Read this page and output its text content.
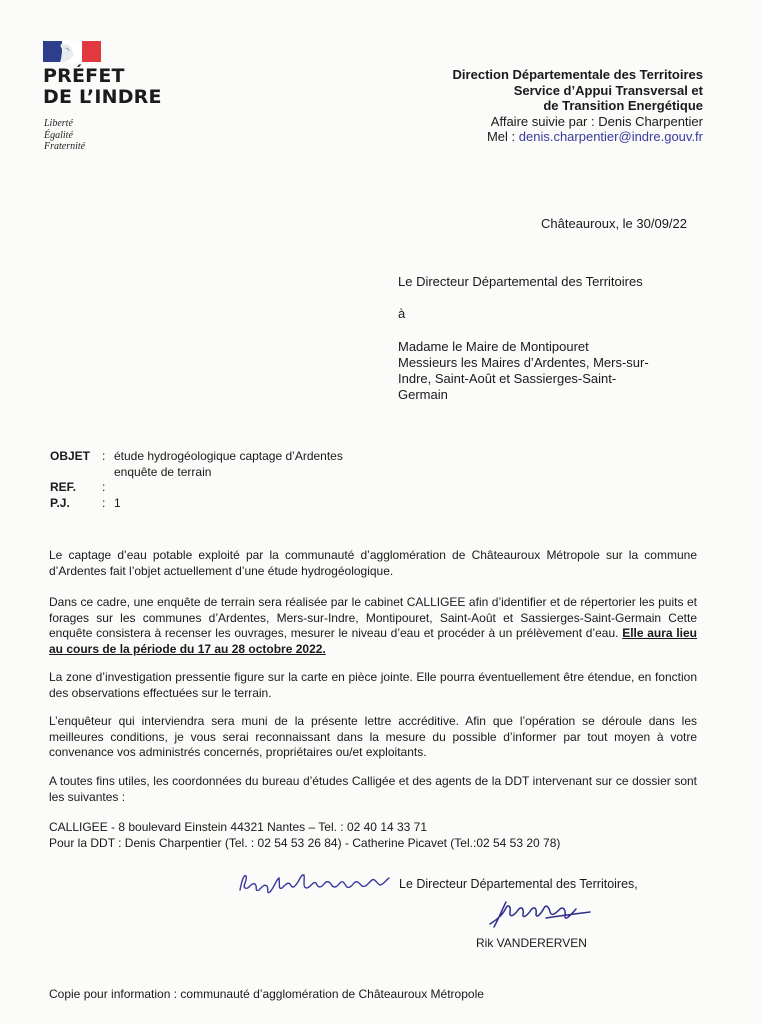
PRÉFET
DE L’INDRE
Liberté
Égalité
Fraternité
Direction Départementale des Territoires
Service d’Appui Transversal et
de Transition Energétique
Affaire suivie par : Denis Charpentier
Mel : denis.charpentier@indre.gouv.fr
Châteauroux, le 30/09/22
Le Directeur Départemental des Territoires
à
Madame le Maire de Montipouret
Messieurs les Maires d’Ardentes, Mers-sur-
Indre, Saint-Août et Sassierges-Saint-
Germain
OBJET : étude hydrogéologique captage d’Ardentes
enquête de terrain
REF.	:
P.J.	: 1
Le captage d’eau potable exploité par la communauté d’agglomération de Châteauroux Métropole sur la commune d’Ardentes fait l’objet actuellement d’une étude hydrogéologique.
Dans ce cadre, une enquête de terrain sera réalisée par le cabinet CALLIGEE afin d’identifier et de répertorier les puits et forages sur les communes d’Ardentes, Mers-sur-Indre, Montipouret, Saint-Août et Sassierges-Saint-Germain Cette enquête consistera à recenser les ouvrages, mesurer le niveau d’eau et procéder à un prélèvement d’eau. Elle aura lieu au cours de la période du 17 au 28 octobre 2022.
La zone d’investigation pressentie figure sur la carte en pièce jointe. Elle pourra éventuellement être étendue, en fonction des observations effectuées sur le terrain.
L’enquêteur qui interviendra sera muni de la présente lettre accréditive. Afin que l’opération se déroule dans les meilleures conditions, je vous serai reconnaissant dans la mesure du possible d’informer par tout moyen à votre convenance vos administrés concernés, propriétaires ou/et exploitants.
A toutes fins utiles, les coordonnées du bureau d’études Calligée et des agents de la DDT intervenant sur ce dossier sont les suivantes :
CALLIGEE - 8 boulevard Einstein 44321 Nantes – Tel. : 02 40 14 33 71
Pour la DDT : Denis Charpentier (Tel. : 02 54 53 26 84) - Catherine Picavet (Tel.:02 54 53 20 78)
Le Directeur Départemental des Territoires,
Rik VANDERERVEN
Copie pour information : communauté d’agglomération de Châteauroux Métropole
